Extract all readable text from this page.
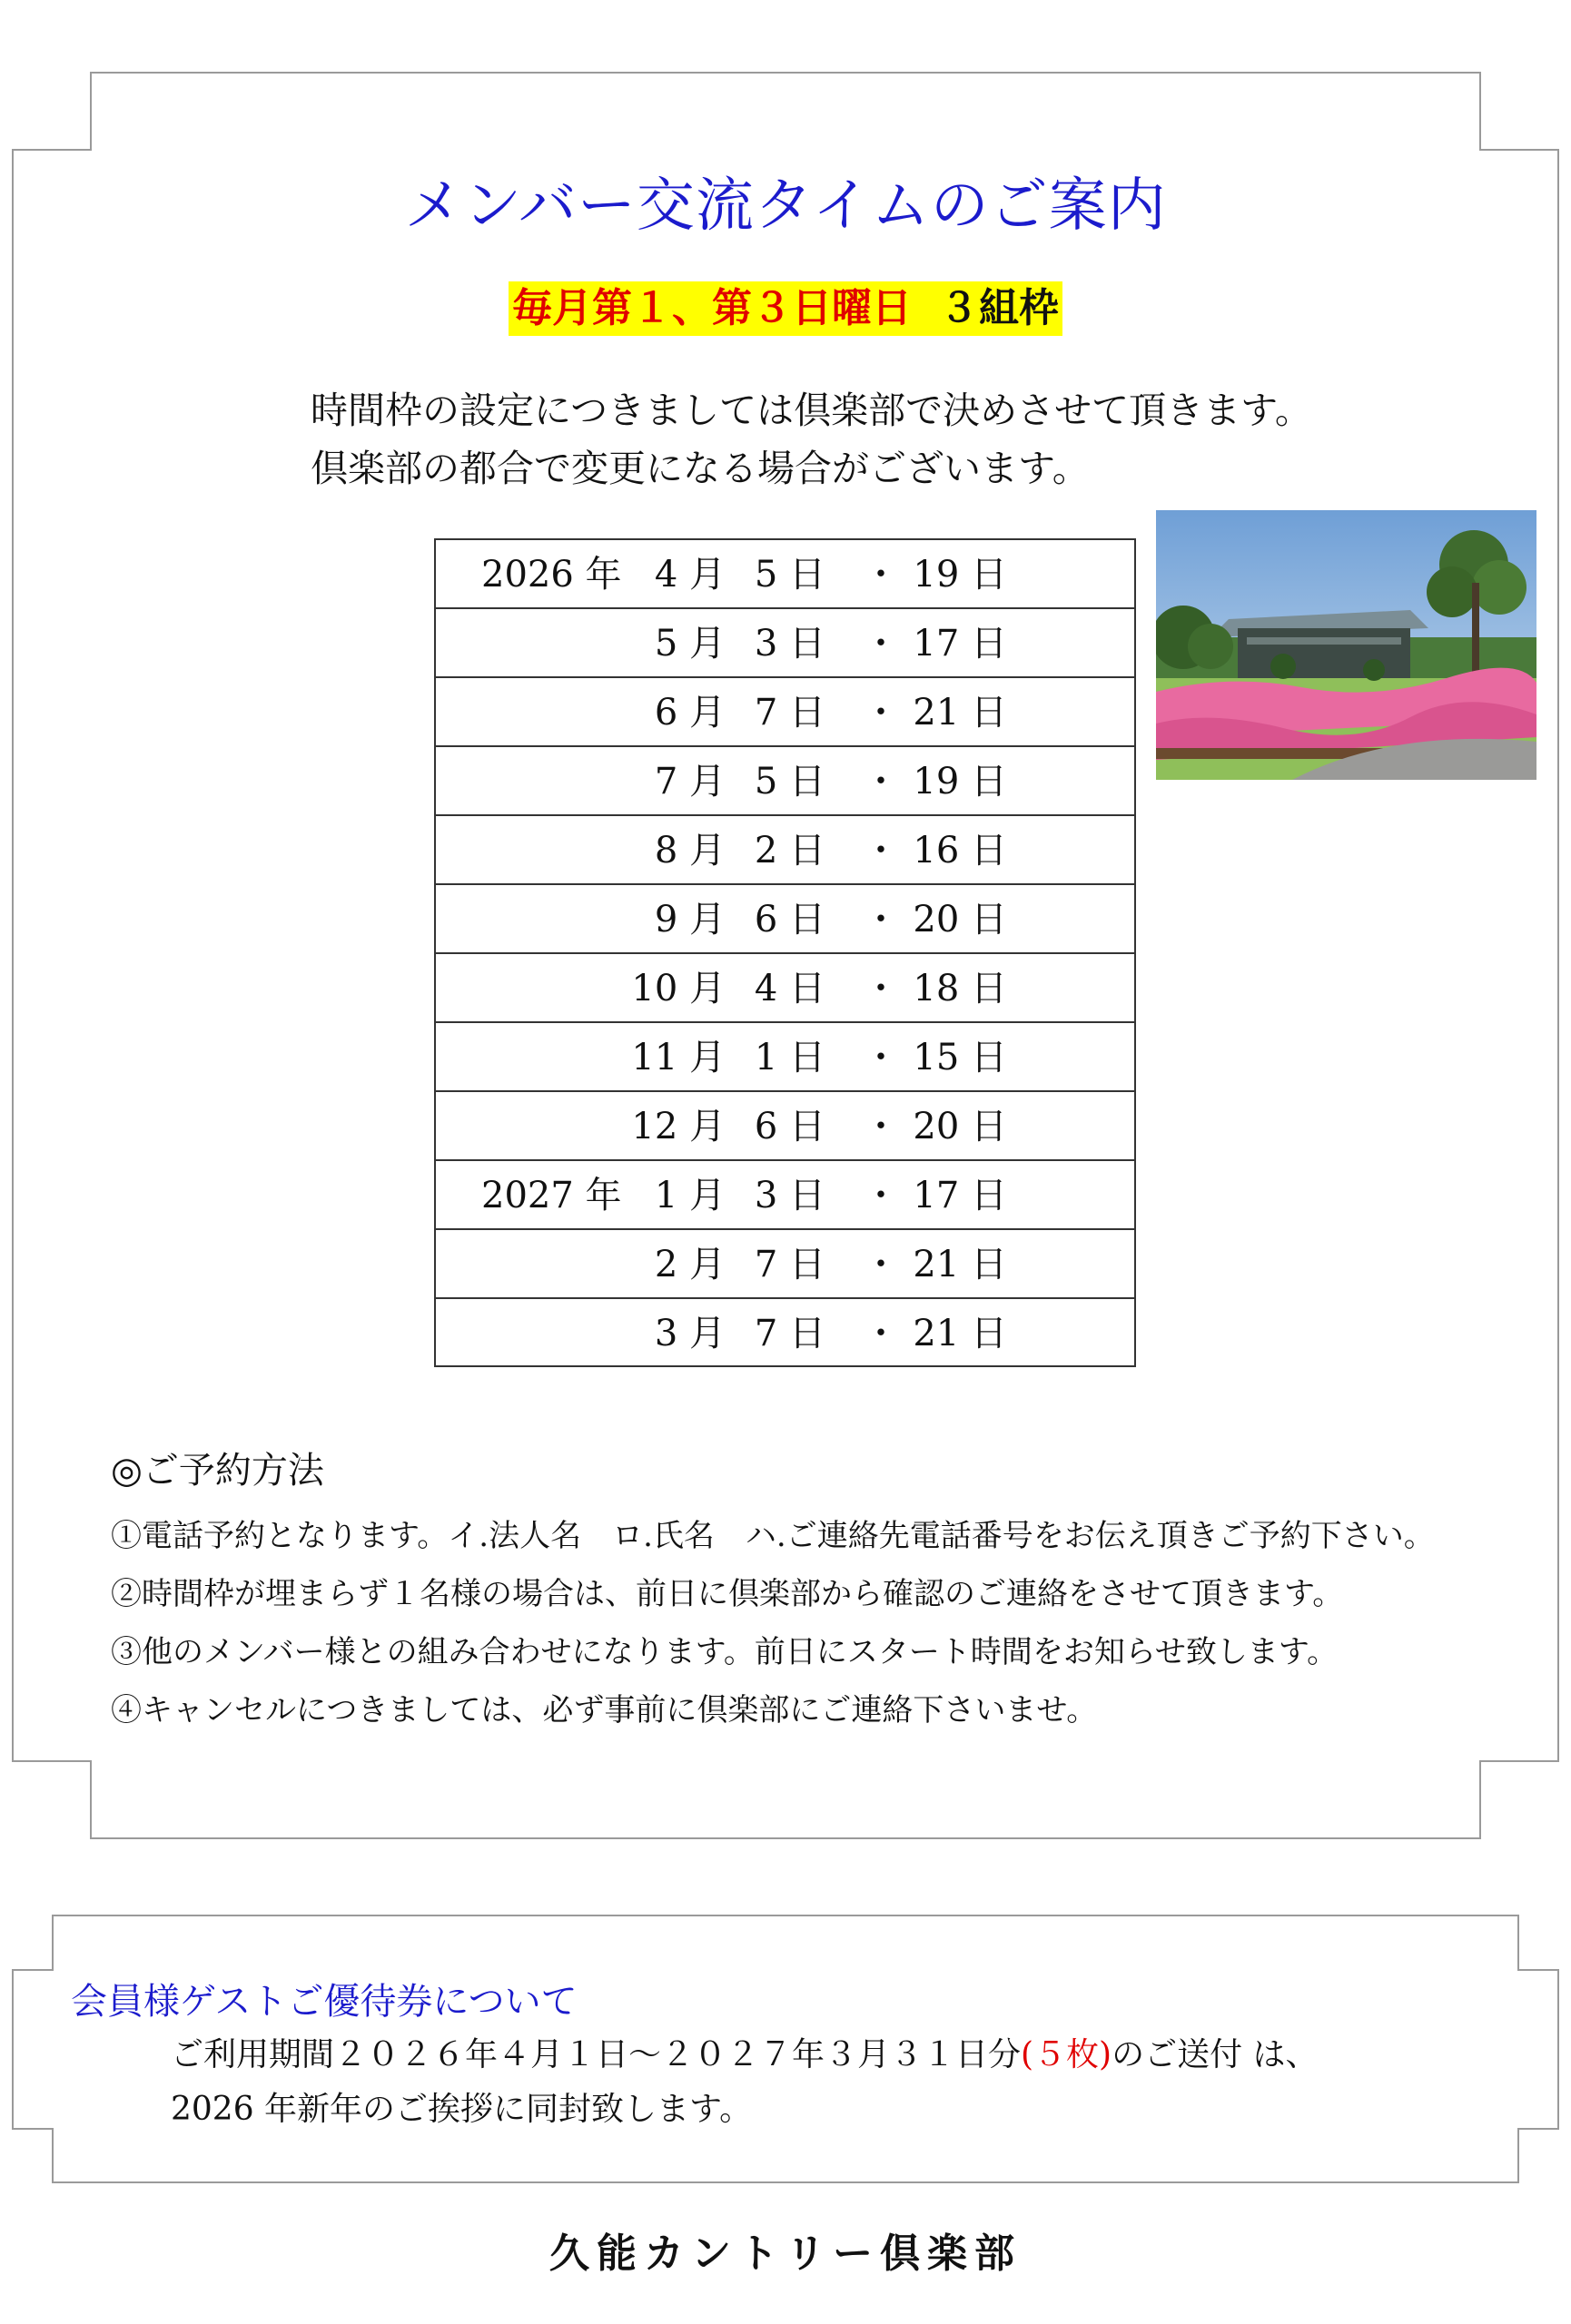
メンバー交流タイムのご案内
毎月第１、第３日曜日 ３組枠
時間枠の設定につきましては倶楽部で決めさせて頂きます。
倶楽部の都合で変更になる場合がございます。
2026 年 4 月 5 日 ・ 19 日
5 月 3 日 ・ 17 日
6 月 7 日 ・ 21 日
7 月 5 日 ・ 19 日
8 月 2 日 ・ 16 日
9 月 6 日 ・ 20 日
10 月 4 日 ・ 18 日
11 月 1 日 ・ 15 日
12 月 6 日 ・ 20 日
2027 年 1 月 3 日 ・ 17 日
2 月 7 日 ・ 21 日
3 月 7 日 ・ 21 日
◎ご予約方法
①電話予約となります。イ.法人名　ロ.氏名　ハ.ご連絡先電話番号をお伝え頂きご予約下さい。
②時間枠が埋まらず１名様の場合は、前日に倶楽部から確認のご連絡をさせて頂きます。
③他のメンバー様との組み合わせになります。前日にスタート時間をお知らせ致します。
④キャンセルにつきましては、必ず事前に倶楽部にご連絡下さいませ。
会員様ゲストご優待券について
ご利用期間２０２６年４月１日～２０２７年３月３１日分(５枚)のご送付 は、
2026 年新年のご挨拶に同封致します。
久能カントリー倶楽部
